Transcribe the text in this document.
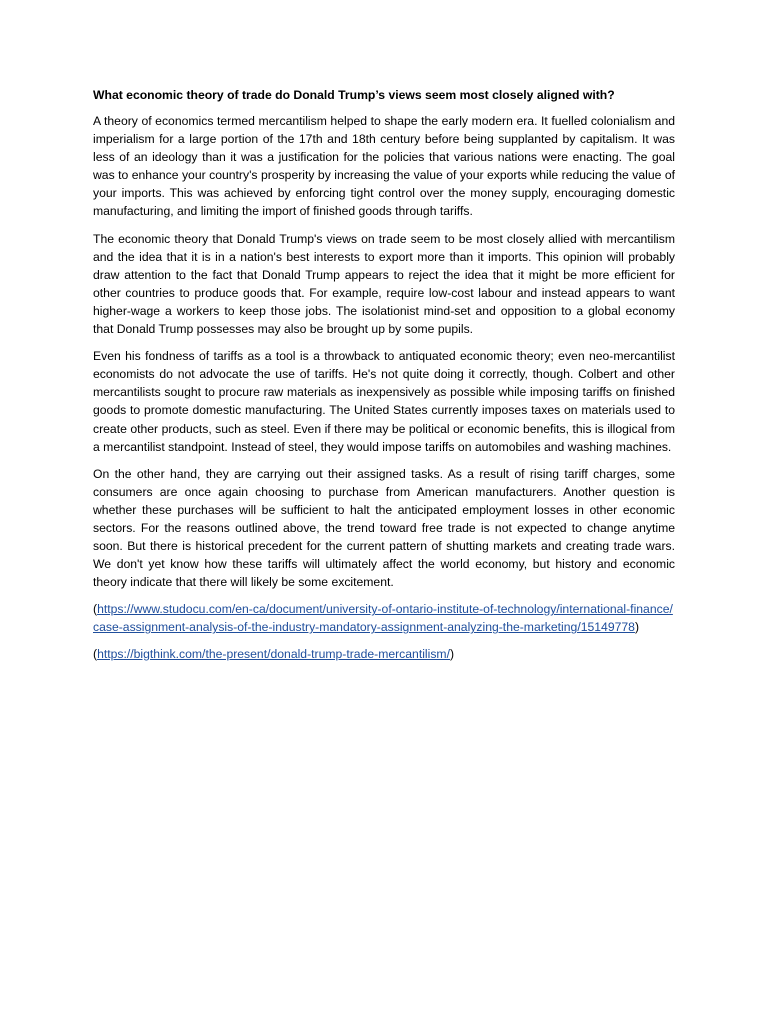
What economic theory of trade do Donald Trump’s views seem most closely aligned with?

A theory of economics termed mercantilism helped to shape the early modern era. It fuelled colonialism and imperialism for a large portion of the 17th and 18th century before being supplanted by capitalism. It was less of an ideology than it was a justification for the policies that various nations were enacting. The goal was to enhance your country's prosperity by increasing the value of your exports while reducing the value of your imports. This was achieved by enforcing tight control over the money supply, encouraging domestic manufacturing, and limiting the import of finished goods through tariffs.

The economic theory that Donald Trump's views on trade seem to be most closely allied with mercantilism and the idea that it is in a nation's best interests to export more than it imports. This opinion will probably draw attention to the fact that Donald Trump appears to reject the idea that it might be more efficient for other countries to produce goods that. For example, require low-cost labour and instead appears to want higher-wage a workers to keep those jobs. The isolationist mind-set and opposition to a global economy that Donald Trump possesses may also be brought up by some pupils.

Even his fondness of tariffs as a tool is a throwback to antiquated economic theory; even neo-mercantilist economists do not advocate the use of tariffs. He's not quite doing it correctly, though. Colbert and other mercantilists sought to procure raw materials as inexpensively as possible while imposing tariffs on finished goods to promote domestic manufacturing. The United States currently imposes taxes on materials used to create other products, such as steel. Even if there may be political or economic benefits, this is illogical from a mercantilist standpoint. Instead of steel, they would impose tariffs on automobiles and washing machines.

On the other hand, they are carrying out their assigned tasks. As a result of rising tariff charges, some consumers are once again choosing to purchase from American manufacturers. Another question is whether these purchases will be sufficient to halt the anticipated employment losses in other economic sectors. For the reasons outlined above, the trend toward free trade is not expected to change anytime soon. But there is historical precedent for the current pattern of shutting markets and creating trade wars. We don't yet know how these tariffs will ultimately affect the world economy, but history and economic theory indicate that there will likely be some excitement.

(https://www.studocu.com/en-ca/document/university-of-ontario-institute-of-technology/international-finance/case-assignment-analysis-of-the-industry-mandatory-assignment-analyzing-the-marketing/15149778)

(https://bigthink.com/the-present/donald-trump-trade-mercantilism/)
